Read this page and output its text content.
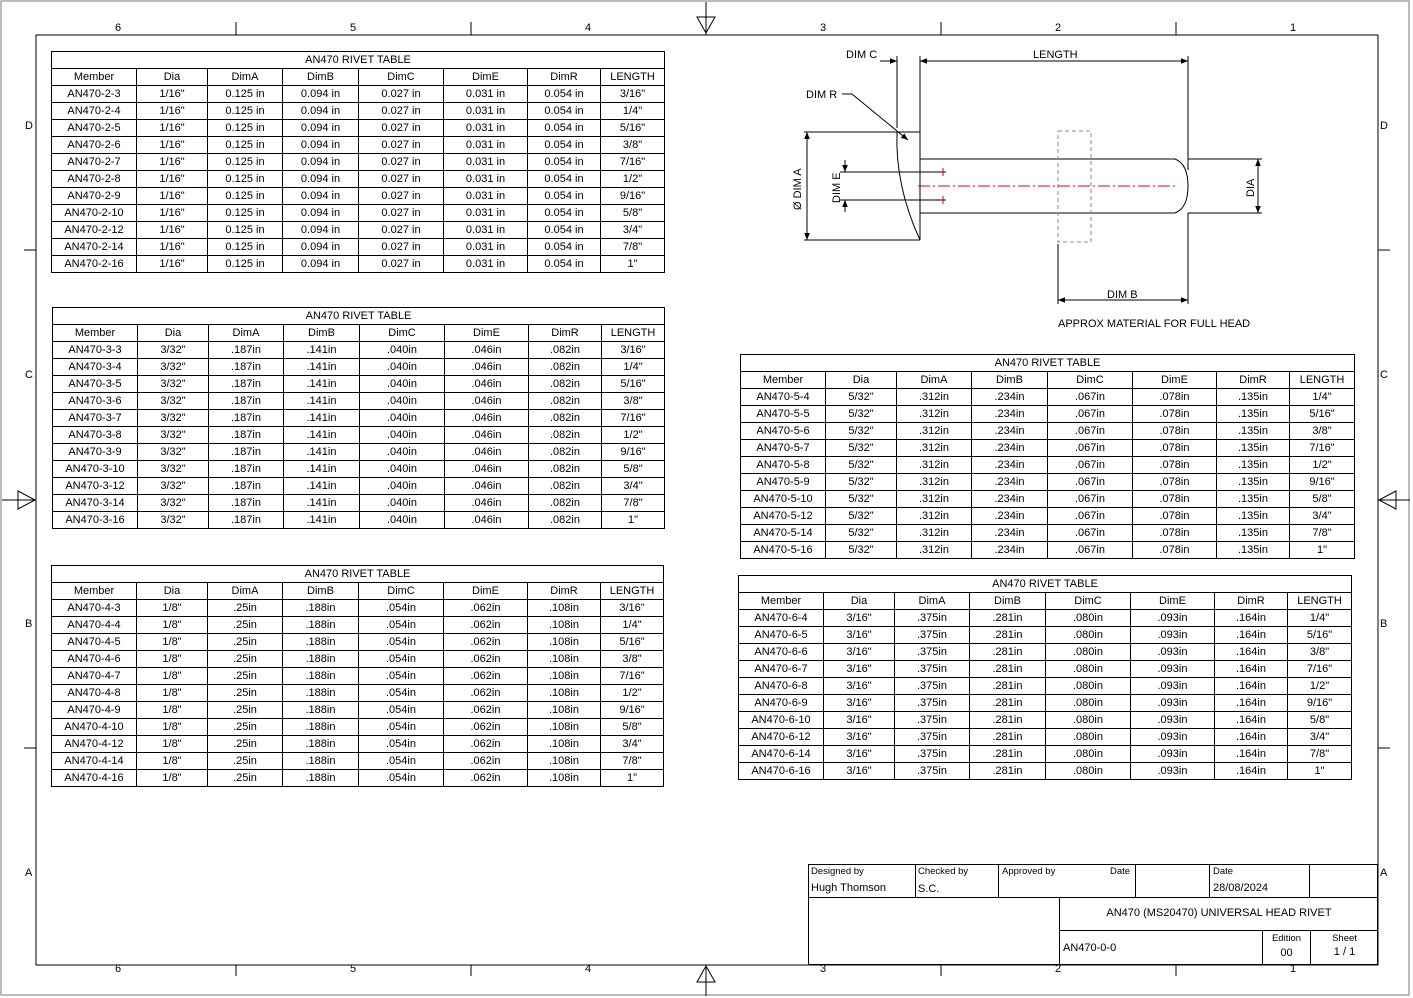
6	5	4	3	2	1
6	5	4	3	2	1
D
C
B
A
D
C
B
A
AN470 RIVET TABLE							
Member	Dia	DimA	DimB	DimC	DimE	DimR	LENGTH
AN470-2-3	1/16"	0.125 in	0.094 in	0.027 in	0.031 in	0.054 in	3/16"
AN470-2-4	1/16"	0.125 in	0.094 in	0.027 in	0.031 in	0.054 in	1/4"
AN470-2-5	1/16"	0.125 in	0.094 in	0.027 in	0.031 in	0.054 in	5/16"
AN470-2-6	1/16"	0.125 in	0.094 in	0.027 in	0.031 in	0.054 in	3/8"
AN470-2-7	1/16"	0.125 in	0.094 in	0.027 in	0.031 in	0.054 in	7/16"
AN470-2-8	1/16"	0.125 in	0.094 in	0.027 in	0.031 in	0.054 in	1/2"
AN470-2-9	1/16"	0.125 in	0.094 in	0.027 in	0.031 in	0.054 in	9/16"
AN470-2-10	1/16"	0.125 in	0.094 in	0.027 in	0.031 in	0.054 in	5/8"
AN470-2-12	1/16"	0.125 in	0.094 in	0.027 in	0.031 in	0.054 in	3/4"
AN470-2-14	1/16"	0.125 in	0.094 in	0.027 in	0.031 in	0.054 in	7/8"
AN470-2-16	1/16"	0.125 in	0.094 in	0.027 in	0.031 in	0.054 in	1"
AN470 RIVET TABLE							
Member	Dia	DimA	DimB	DimC	DimE	DimR	LENGTH
AN470-3-3	3/32"	.187in	.141in	.040in	.046in	.082in	3/16"
AN470-3-4	3/32"	.187in	.141in	.040in	.046in	.082in	1/4"
AN470-3-5	3/32"	.187in	.141in	.040in	.046in	.082in	5/16"
AN470-3-6	3/32"	.187in	.141in	.040in	.046in	.082in	3/8"
AN470-3-7	3/32"	.187in	.141in	.040in	.046in	.082in	7/16"
AN470-3-8	3/32"	.187in	.141in	.040in	.046in	.082in	1/2"
AN470-3-9	3/32"	.187in	.141in	.040in	.046in	.082in	9/16"
AN470-3-10	3/32"	.187in	.141in	.040in	.046in	.082in	5/8"
AN470-3-12	3/32"	.187in	.141in	.040in	.046in	.082in	3/4"
AN470-3-14	3/32"	.187in	.141in	.040in	.046in	.082in	7/8"
AN470-3-16	3/32"	.187in	.141in	.040in	.046in	.082in	1"
AN470 RIVET TABLE							
Member	Dia	DimA	DimB	DimC	DimE	DimR	LENGTH
AN470-4-3	1/8"	.25in	.188in	.054in	.062in	.108in	3/16"
AN470-4-4	1/8"	.25in	.188in	.054in	.062in	.108in	1/4"
AN470-4-5	1/8"	.25in	.188in	.054in	.062in	.108in	5/16"
AN470-4-6	1/8"	.25in	.188in	.054in	.062in	.108in	3/8"
AN470-4-7	1/8"	.25in	.188in	.054in	.062in	.108in	7/16"
AN470-4-8	1/8"	.25in	.188in	.054in	.062in	.108in	1/2"
AN470-4-9	1/8"	.25in	.188in	.054in	.062in	.108in	9/16"
AN470-4-10	1/8"	.25in	.188in	.054in	.062in	.108in	5/8"
AN470-4-12	1/8"	.25in	.188in	.054in	.062in	.108in	3/4"
AN470-4-14	1/8"	.25in	.188in	.054in	.062in	.108in	7/8"
AN470-4-16	1/8"	.25in	.188in	.054in	.062in	.108in	1"
AN470 RIVET TABLE							
Member	Dia	DimA	DimB	DimC	DimE	DimR	LENGTH
AN470-5-4	5/32"	.312in	.234in	.067in	.078in	.135in	1/4"
AN470-5-5	5/32"	.312in	.234in	.067in	.078in	.135in	5/16"
AN470-5-6	5/32"	.312in	.234in	.067in	.078in	.135in	3/8"
AN470-5-7	5/32"	.312in	.234in	.067in	.078in	.135in	7/16"
AN470-5-8	5/32"	.312in	.234in	.067in	.078in	.135in	1/2"
AN470-5-9	5/32"	.312in	.234in	.067in	.078in	.135in	9/16"
AN470-5-10	5/32"	.312in	.234in	.067in	.078in	.135in	5/8"
AN470-5-12	5/32"	.312in	.234in	.067in	.078in	.135in	3/4"
AN470-5-14	5/32"	.312in	.234in	.067in	.078in	.135in	7/8"
AN470-5-16	5/32"	.312in	.234in	.067in	.078in	.135in	1"
AN470 RIVET TABLE							
Member	Dia	DimA	DimB	DimC	DimE	DimR	LENGTH
AN470-6-4	3/16"	.375in	.281in	.080in	.093in	.164in	1/4"
AN470-6-5	3/16"	.375in	.281in	.080in	.093in	.164in	5/16"
AN470-6-6	3/16"	.375in	.281in	.080in	.093in	.164in	3/8"
AN470-6-7	3/16"	.375in	.281in	.080in	.093in	.164in	7/16"
AN470-6-8	3/16"	.375in	.281in	.080in	.093in	.164in	1/2"
AN470-6-9	3/16"	.375in	.281in	.080in	.093in	.164in	9/16"
AN470-6-10	3/16"	.375in	.281in	.080in	.093in	.164in	5/8"
AN470-6-12	3/16"	.375in	.281in	.080in	.093in	.164in	3/4"
AN470-6-14	3/16"	.375in	.281in	.080in	.093in	.164in	7/8"
AN470-6-16	3/16"	.375in	.281in	.080in	.093in	.164in	1"
DIM C	LENGTH
DIM R
Ø DIM A DIM E	DIA
DIM B
APPROX MATERIAL FOR FULL HEAD
Designed by
Hugh Thomson
Checked by
S.C.
Approved by	Date	Date
28/08/2024
AN470 (MS20470) UNIVERSAL HEAD RIVET
AN470-0-0
Edition
00
Sheet
1 / 1
